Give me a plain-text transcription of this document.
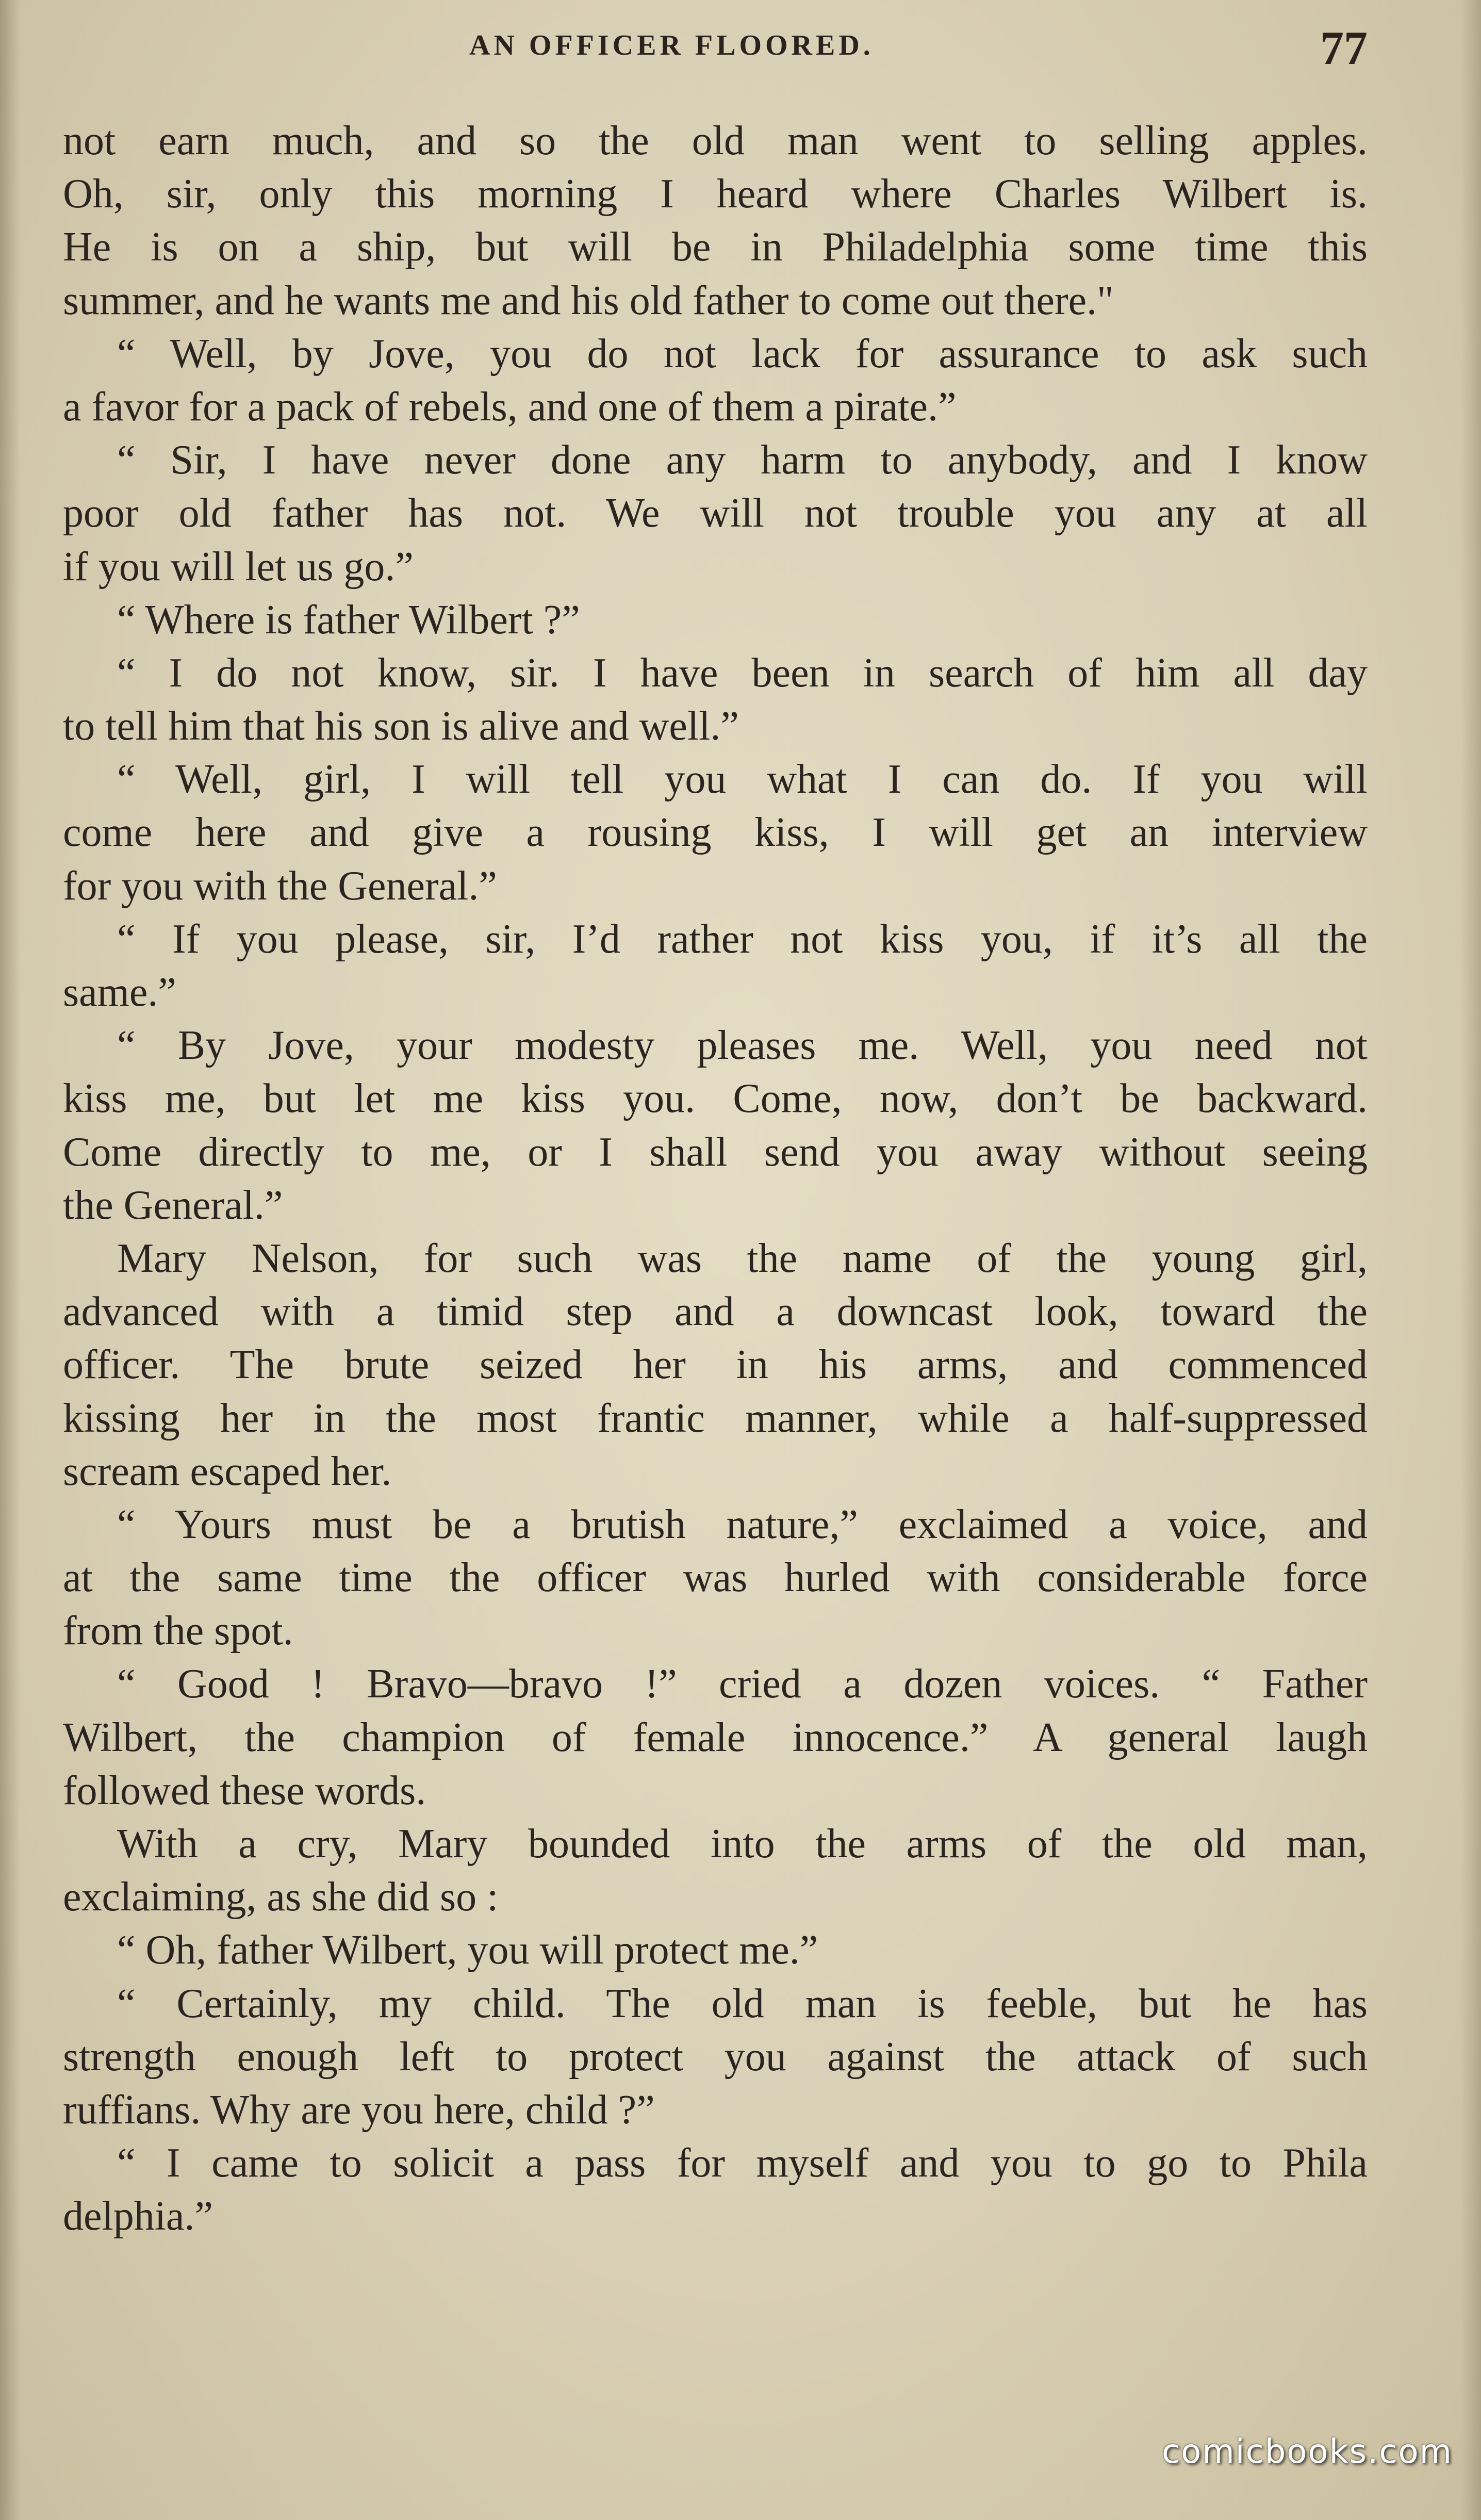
AN OFFICER FLOORED.	77
not earn much, and so the old man went to selling apples.
Oh, sir, only this morning I heard where Charles Wilbert is.
He is on a ship, but will be in Philadelphia some time this
summer, and he wants me and his old father to come out there."
“ Well, by Jove, you do not lack for assurance to ask such
a favor for a pack of rebels, and one of them a pirate.”
“ Sir, I have never done any harm to anybody, and I know
poor old father has not. We will not trouble you any at all
if you will let us go.”
“ Where is father Wilbert ?”
“ I do not know, sir. I have been in search of him all day
to tell him that his son is alive and well.”
“ Well, girl, I will tell you what I can do. If you will
come here and give a rousing kiss, I will get an interview
for you with the General.”
“ If you please, sir, I’d rather not kiss you, if it’s all the
same.”
“ By Jove, your modesty pleases me. Well, you need not
kiss me, but let me kiss you. Come, now, don’t be backward.
Come directly to me, or I shall send you away without seeing
the General.”
Mary Nelson, for such was the name of the young girl,
advanced with a timid step and a downcast look, toward the
officer. The brute seized her in his arms, and commenced
kissing her in the most frantic manner, while a half-suppressed
scream escaped her.
“ Yours must be a brutish nature,” exclaimed a voice, and
at the same time the officer was hurled with considerable force
from the spot.
“ Good ! Bravo—bravo !” cried a dozen voices. “ Father
Wilbert, the champion of female innocence.” A general laugh
followed these words.
With a cry, Mary bounded into the arms of the old man,
exclaiming, as she did so :
“ Oh, father Wilbert, you will protect me.”
“ Certainly, my child. The old man is feeble, but he has
strength enough left to protect you against the attack of such
ruffians. Why are you here, child ?”
“ I came to solicit a pass for myself and you to go to Phila
delphia.”
comicbooks.com
